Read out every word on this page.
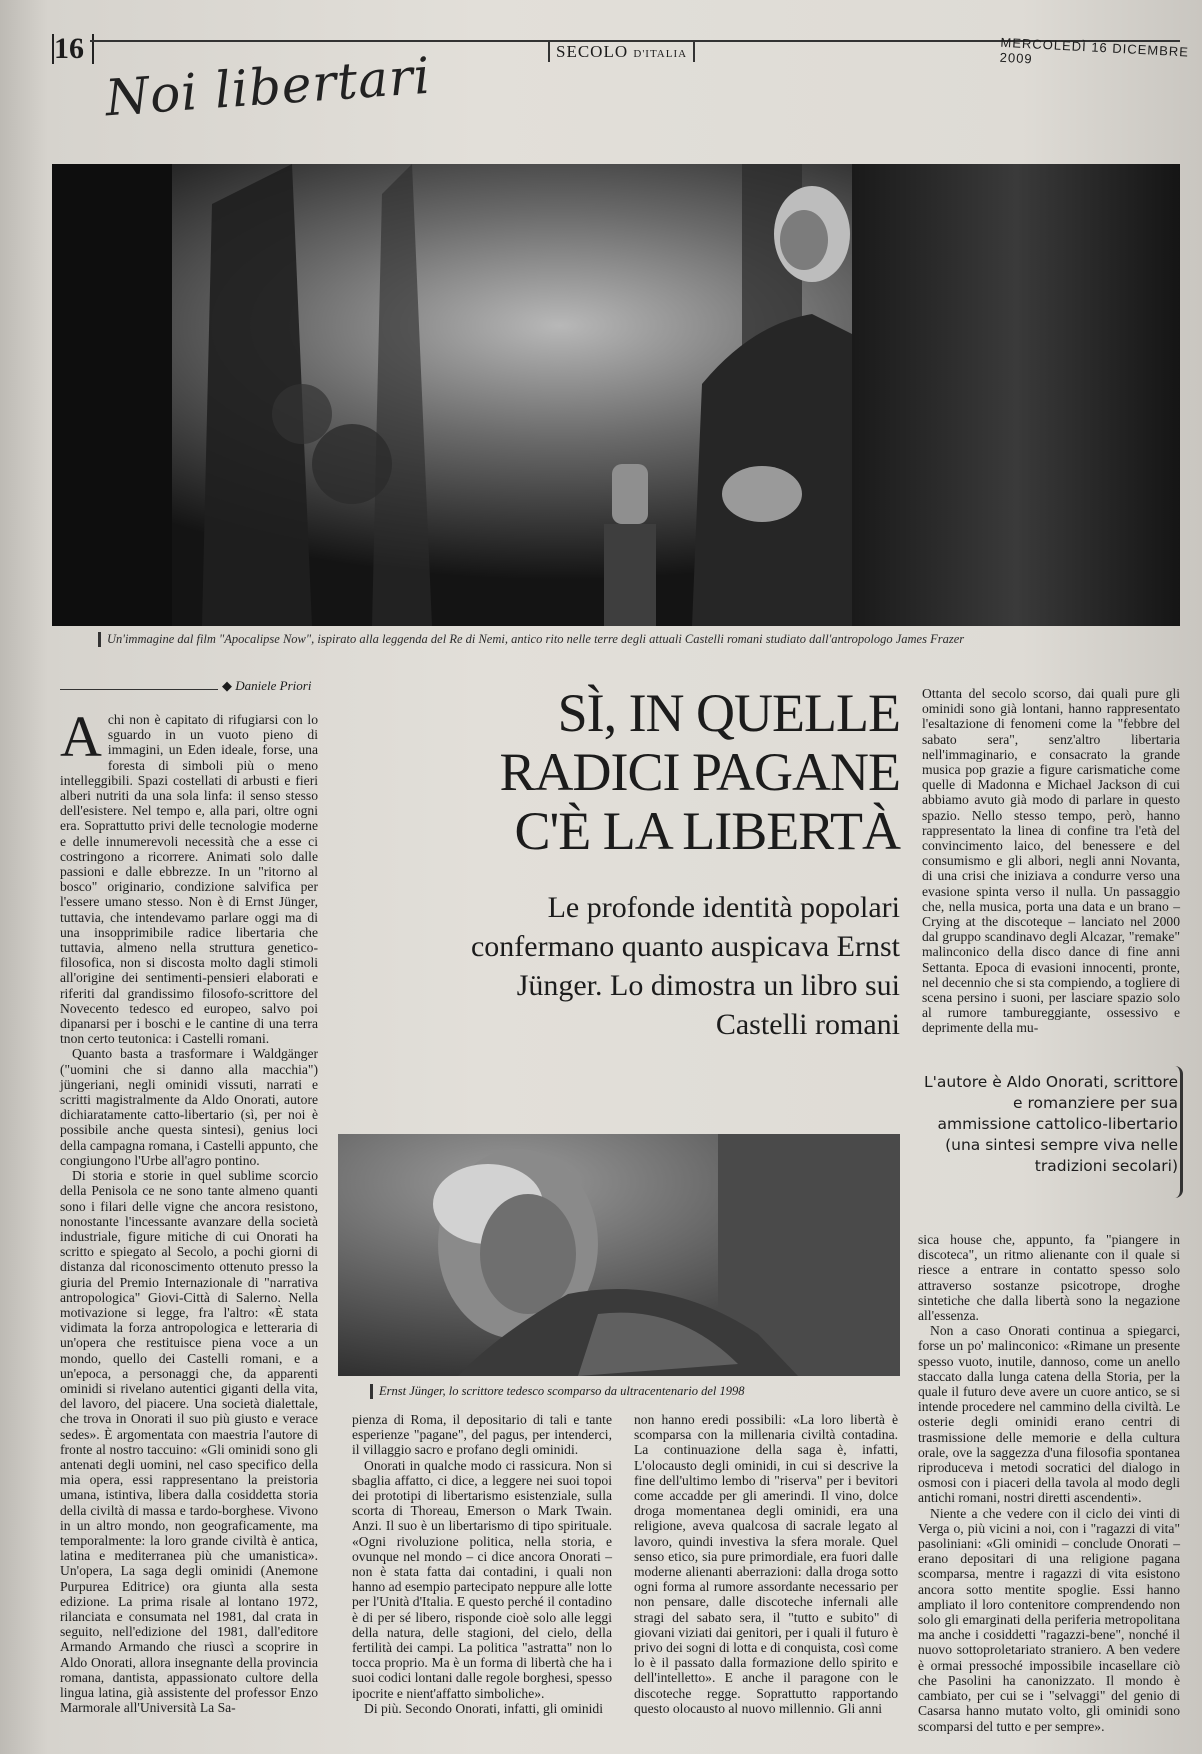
16 Noi libertari	SECOLO D'ITALIA	MERCOLEDÌ 16 DICEMBRE 2009
Un'immagine dal film "Apocalipse Now", ispirato alla leggenda del Re di Nemi, antico rito nelle terre degli attuali Castelli romani studiato dall'antropologo James Frazer
◆ Daniele Priori

Achi non è capitato di rifugiarsi con lo sguardo in un vuoto pieno di immagini, un Eden ideale, forse, una foresta di simboli più o meno intelleggibili. Spazi costellati di arbusti e fieri alberi nutriti da una sola linfa: il senso stesso dell'esistere. Nel tempo e, alla pari, oltre ogni era. Soprattutto privi delle tecnologie moderne e delle innumerevoli necessità che a esse ci costringono a ricorrere. Animati solo dalle passioni e dalle ebbrezze. In un "ritorno al bosco" originario, condizione salvifica per l'essere umano stesso. Non è di Ernst Jünger, tuttavia, che intendevamo parlare oggi ma di una insopprimibile radice libertaria che tuttavia, almeno nella struttura genetico-filosofica, non si discosta molto dagli stimoli all'origine dei sentimenti-pensieri elaborati e riferiti dal grandissimo filosofo-scrittore del Novecento tedesco ed europeo, salvo poi dipanarsi per i boschi e le cantine di una terra tnon certo teutonica: i Castelli romani.

Quanto basta a trasformare i Waldgänger ("uomini che si danno alla macchia") jüngeriani, negli ominidi vissuti, narrati e scritti magistralmente da Aldo Onorati, autore dichiaratamente catto-libertario (sì, per noi è possibile anche questa sintesi), genius loci della campagna romana, i Castelli appunto, che congiungono l'Urbe all'agro pontino.

Di storia e storie in quel sublime scorcio della Penisola ce ne sono tante almeno quanti sono i filari delle vigne che ancora resistono, nonostante l'incessante avanzare della società industriale, figure mitiche di cui Onorati ha scritto e spiegato al Secolo, a pochi giorni di distanza dal riconoscimento ottenuto presso la giuria del Premio Internazionale di "narrativa antropologica" Giovi-Città di Salerno. Nella motivazione si legge, fra l'altro: «È stata vidimata la forza antropologica e letteraria di un'opera che restituisce piena voce a un mondo, quello dei Castelli romani, e a un'epoca, a personaggi che, da apparenti ominidi si rivelano autentici giganti della vita, del lavoro, del piacere. Una società dialettale, che trova in Onorati il suo più giusto e verace sedes». È argomentata con maestria l'autore di fronte al nostro taccuino: «Gli ominidi sono gli antenati degli uomini, nel caso specifico della mia opera, essi rappresentano la preistoria umana, istintiva, libera dalla cosiddetta storia della civiltà di massa e tardo-borghese. Vivono in un altro mondo, non geograficamente, ma temporalmente: la loro grande civiltà è antica, latina e mediterranea più che umanistica». Un'opera, La saga degli ominidi (Anemone Purpurea Editrice) ora giunta alla sesta edizione. La prima risale al lontano 1972, rilanciata e consumata nel 1981, dal crata in seguito, nell'edizione del 1981, dall'editore Armando Armando che riuscì a scoprire in Aldo Onorati, allora insegnante della provincia romana, dantista, appassionato cultore della lingua latina, già assistente del professor Enzo Marmorale all'Università La Sa-

SÌ, IN QUELLE RADICI PAGANE C'È LA LIBERTÀ
Le profonde identità popolari confermano quanto auspicava Ernst Jünger. Lo dimostra un libro sui Castelli romani

Ottanta del secolo scorso, dai quali pure gli ominidi sono già lontani, hanno rappresentato l'esaltazione di fenomeni come la "febbre del sabato sera", senz'altro libertaria nell'immaginario, e consacrato la grande musica pop grazie a figure carismatiche come quelle di Madonna e Michael Jackson di cui abbiamo avuto già modo di parlare in questo spazio. Nello stesso tempo, però, hanno rappresentato la linea di confine tra l'età del convincimento laico, del benessere e del consumismo e gli albori, negli anni Novanta, di una crisi che iniziava a condurre verso una evasione spinta verso il nulla. Un passaggio che, nella musica, porta una data e un brano – Crying at the discoteque – lanciato nel 2000 dal gruppo scandinavo degli Alcazar, "remake" malinconico della disco dance di fine anni Settanta. Epoca di evasioni innocenti, pronte, nel decennio che si sta compiendo, a togliere di scena persino i suoni, per lasciare spazio solo al rumore tambureggiante, ossessivo e deprimente della mu-

L'autore è Aldo Onorati, scrittore e romanziere per sua ammissione cattolico-libertario (una sintesi sempre viva nelle tradizioni secolari)
Ernst Jünger, lo scrittore tedesco scomparso da ultracentenario del 1998

pienza di Roma, il depositario di tali e tante esperienze "pagane", del pagus, per intenderci, il villaggio sacro e profano degli ominidi.

Onorati in qualche modo ci rassicura. Non si sbaglia affatto, ci dice, a leggere nei suoi topoi dei prototipi di libertarismo esistenziale, sulla scorta di Thoreau, Emerson o Mark Twain. Anzi. Il suo è un libertarismo di tipo spirituale. «Ogni rivoluzione politica, nella storia, e ovunque nel mondo – ci dice ancora Onorati – non è stata fatta dai contadini, i quali non hanno ad esempio partecipato neppure alle lotte per l'Unità d'Italia. E questo perché il contadino è di per sé libero, risponde cioè solo alle leggi della natura, delle stagioni, del cielo, della fertilità dei campi. La politica "astratta" non lo tocca proprio. Ma è un forma di libertà che ha i suoi codici lontani dalle regole borghesi, spesso ipocrite e nient'affatto simboliche».

Di più. Secondo Onorati, infatti, gli ominidi

non hanno eredi possibili: «La loro libertà è scomparsa con la millenaria civiltà contadina. La continuazione della saga è, infatti, L'olocausto degli ominidi, in cui si descrive la fine dell'ultimo lembo di "riserva" per i bevitori come accadde per gli amerindi. Il vino, dolce droga momentanea degli ominidi, era una religione, aveva qualcosa di sacrale legato al lavoro, quindi investiva la sfera morale. Quel senso etico, sia pure primordiale, era fuori dalle moderne alienanti aberrazioni: dalla droga sotto ogni forma al rumore assordante necessario per non pensare, dalle discoteche infernali alle stragi del sabato sera, il "tutto e subito" di giovani viziati dai genitori, per i quali il futuro è privo dei sogni di lotta e di conquista, così come lo è il passato dalla formazione dello spirito e dell'intelletto». E anche il paragone con le discoteche regge. Soprattutto rapportando questo olocausto al nuovo millennio. Gli anni

sica house che, appunto, fa "piangere in discoteca", un ritmo alienante con il quale si riesce a entrare in contatto spesso solo attraverso sostanze psicotrope, droghe sintetiche che dalla libertà sono la negazione all'essenza.

Non a caso Onorati continua a spiegarci, forse un po' malinconico: «Rimane un presente spesso vuoto, inutile, dannoso, come un anello staccato dalla lunga catena della Storia, per la quale il futuro deve avere un cuore antico, se si intende procedere nel cammino della civiltà. Le osterie degli ominidi erano centri di trasmissione delle memorie e della cultura orale, ove la saggezza d'una filosofia spontanea riproduceva i metodi socratici del dialogo in osmosi con i piaceri della tavola al modo degli antichi romani, nostri diretti ascendenti».

Niente a che vedere con il ciclo dei vinti di Verga o, più vicini a noi, con i "ragazzi di vita" pasoliniani: «Gli ominidi – conclude Onorati – erano depositari di una religione pagana scomparsa, mentre i ragazzi di vita esistono ancora sotto mentite spoglie. Essi hanno ampliato il loro contenitore comprendendo non solo gli emarginati della periferia metropolitana ma anche i cosiddetti "ragazzi-bene", nonché il nuovo sottoproletariato straniero. A ben vedere è ormai pressoché impossibile incasellare ciò che Pasolini ha canonizzato. Il mondo è cambiato, per cui se i "selvaggi" del genio di Casarsa hanno mutato volto, gli ominidi sono scomparsi del tutto e per sempre».
